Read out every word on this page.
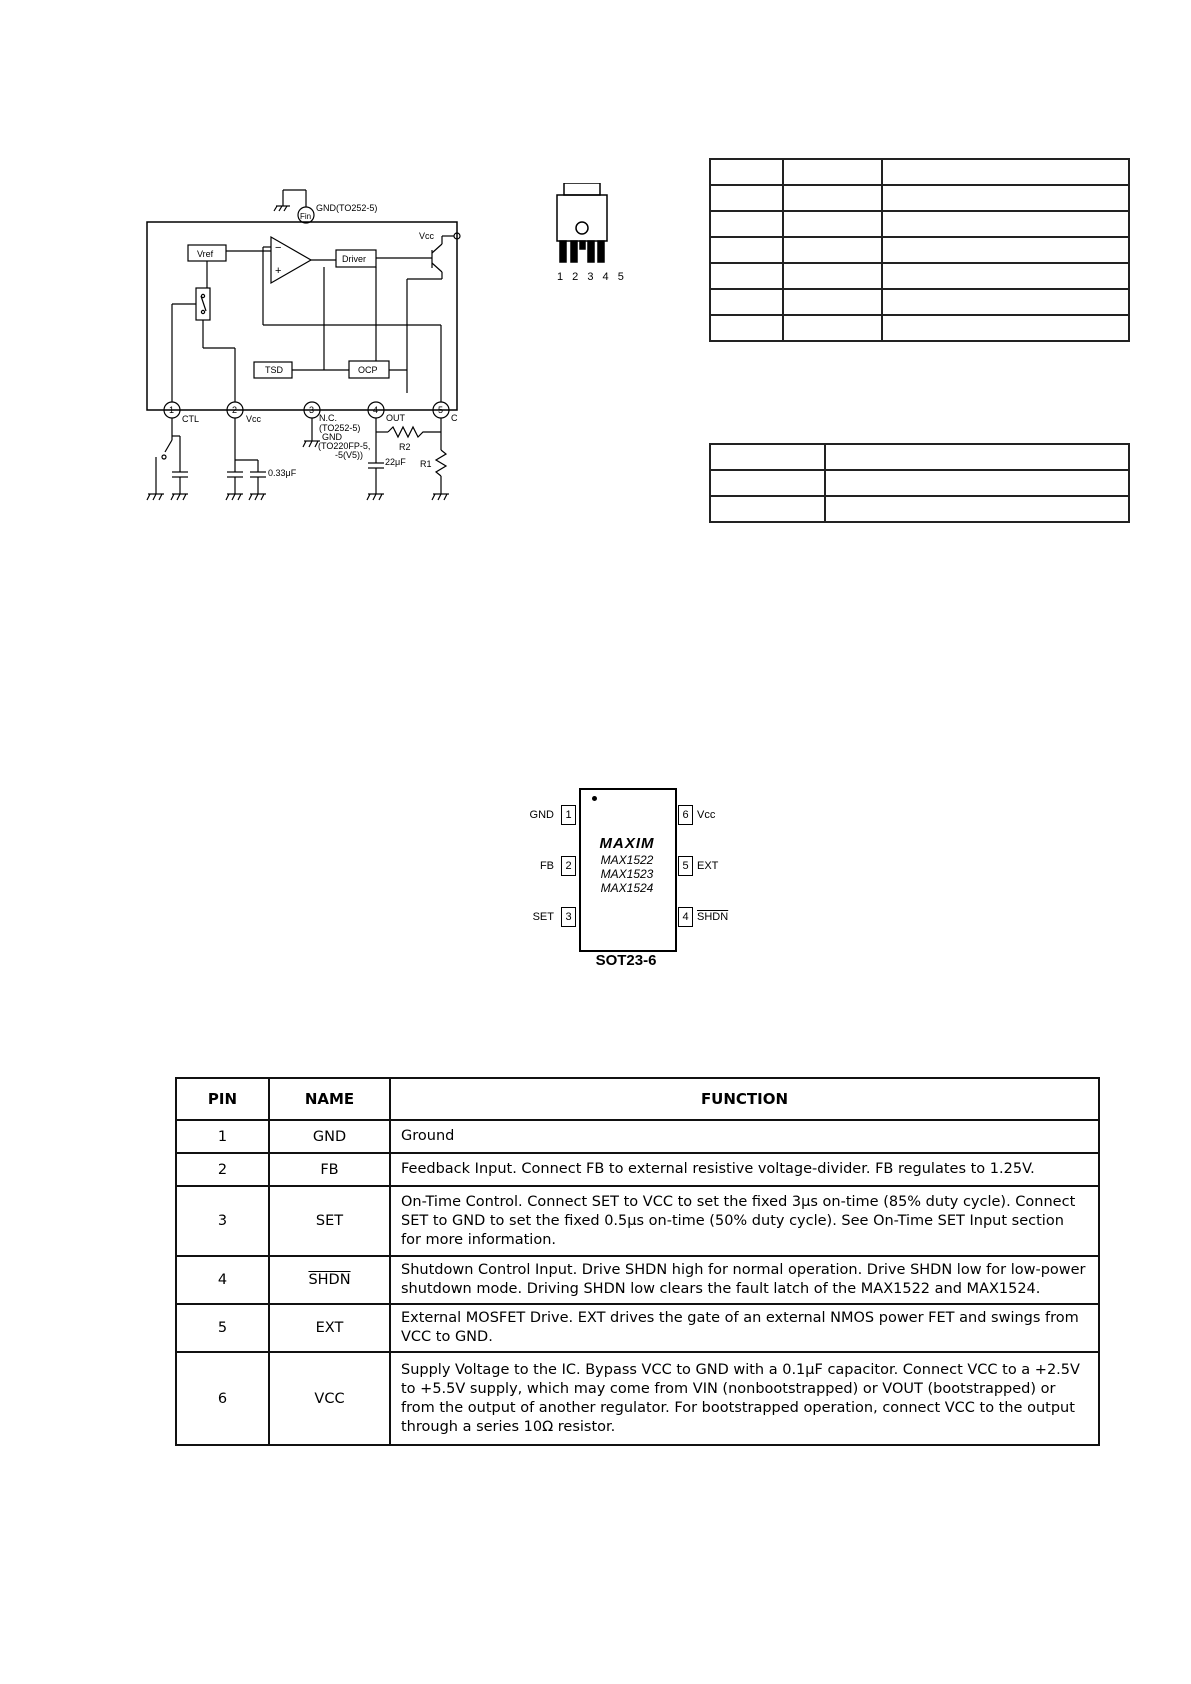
GND(TO252-5)
Fin
Vcc
Vref	Driver
TSD	OCP
−
+
1	2	3	4	5
CTL	Vcc	N.C.
(TO252-5)
GND
(TO220FP-5,
-5(V5))
OUT	C
R2
R1
22μF
0.33μF
1 2 3 4 5

MAXIM
MAX1522
MAX1523
MAX1524
GND	1
FB	2
SET	3
6 Vcc
5 EXT
4 SHDN
SOT23-6
PIN	NAME	FUNCTION
1	GND	Ground
2	FB	Feedback Input. Connect FB to external resistive voltage-divider. FB regulates to 1.25V.
3	SET	On-Time Control. Connect SET to VCC to set the fixed 3μs on-time (85% duty cycle). Connect SET to GND to set the fixed 0.5μs on-time (50% duty cycle). See On-Time SET Input section for more information.
4	SHDN	Shutdown Control Input. Drive SHDN high for normal operation. Drive SHDN low for low-power shutdown mode. Driving SHDN low clears the fault latch of the MAX1522 and MAX1524.
5	EXT	External MOSFET Drive. EXT drives the gate of an external NMOS power FET and swings from VCC to GND.
6	VCC	Supply Voltage to the IC. Bypass VCC to GND with a 0.1μF capacitor. Connect VCC to a +2.5V to +5.5V supply, which may come from VIN (nonbootstrapped) or VOUT (bootstrapped) or from the output of another regulator. For bootstrapped operation, connect VCC to the output through a series 10Ω resistor.
